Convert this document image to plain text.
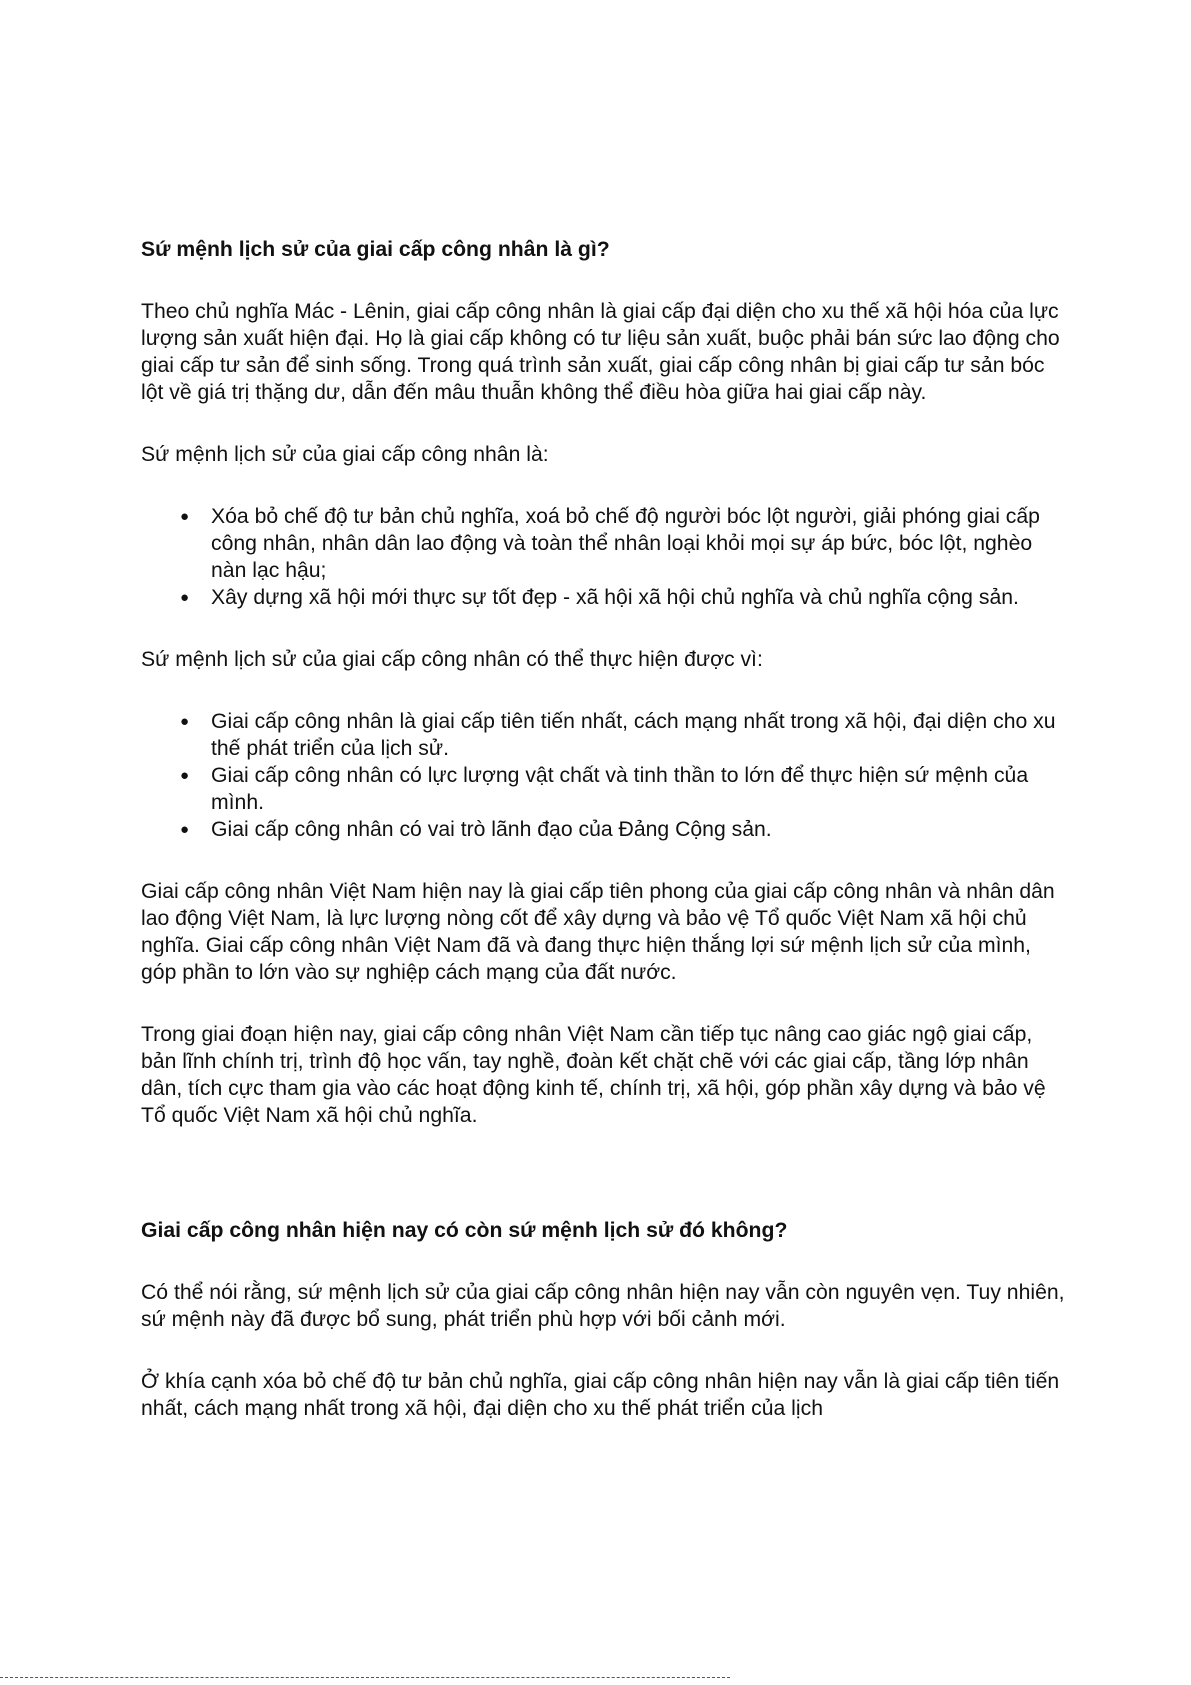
Sứ mệnh lịch sử của giai cấp công nhân là gì?

Theo chủ nghĩa Mác - Lênin, giai cấp công nhân là giai cấp đại diện cho xu thế xã hội hóa của lực lượng sản xuất hiện đại. Họ là giai cấp không có tư liệu sản xuất, buộc phải bán sức lao động cho giai cấp tư sản để sinh sống. Trong quá trình sản xuất, giai cấp công nhân bị giai cấp tư sản bóc lột về giá trị thặng dư, dẫn đến mâu thuẫn không thể điều hòa giữa hai giai cấp này.

Sứ mệnh lịch sử của giai cấp công nhân là:

● Xóa bỏ chế độ tư bản chủ nghĩa, xoá bỏ chế độ người bóc lột người, giải phóng giai cấp công nhân, nhân dân lao động và toàn thể nhân loại khỏi mọi sự áp bức, bóc lột, nghèo nàn lạc hậu;
● Xây dựng xã hội mới thực sự tốt đẹp - xã hội xã hội chủ nghĩa và chủ nghĩa cộng sản.

Sứ mệnh lịch sử của giai cấp công nhân có thể thực hiện được vì:

● Giai cấp công nhân là giai cấp tiên tiến nhất, cách mạng nhất trong xã hội, đại diện cho xu thế phát triển của lịch sử.
● Giai cấp công nhân có lực lượng vật chất và tinh thần to lớn để thực hiện sứ mệnh của mình.
● Giai cấp công nhân có vai trò lãnh đạo của Đảng Cộng sản.

Giai cấp công nhân Việt Nam hiện nay là giai cấp tiên phong của giai cấp công nhân và nhân dân lao động Việt Nam, là lực lượng nòng cốt để xây dựng và bảo vệ Tổ quốc Việt Nam xã hội chủ nghĩa. Giai cấp công nhân Việt Nam đã và đang thực hiện thắng lợi sứ mệnh lịch sử của mình, góp phần to lớn vào sự nghiệp cách mạng của đất nước.

Trong giai đoạn hiện nay, giai cấp công nhân Việt Nam cần tiếp tục nâng cao giác ngộ giai cấp, bản lĩnh chính trị, trình độ học vấn, tay nghề, đoàn kết chặt chẽ với các giai cấp, tầng lớp nhân dân, tích cực tham gia vào các hoạt động kinh tế, chính trị, xã hội, góp phần xây dựng và bảo vệ Tổ quốc Việt Nam xã hội chủ nghĩa.

Giai cấp công nhân hiện nay có còn sứ mệnh lịch sử đó không?

Có thể nói rằng, sứ mệnh lịch sử của giai cấp công nhân hiện nay vẫn còn nguyên vẹn. Tuy nhiên, sứ mệnh này đã được bổ sung, phát triển phù hợp với bối cảnh mới.

Ở khía cạnh xóa bỏ chế độ tư bản chủ nghĩa, giai cấp công nhân hiện nay vẫn là giai cấp tiên tiến nhất, cách mạng nhất trong xã hội, đại diện cho xu thế phát triển của lịch
